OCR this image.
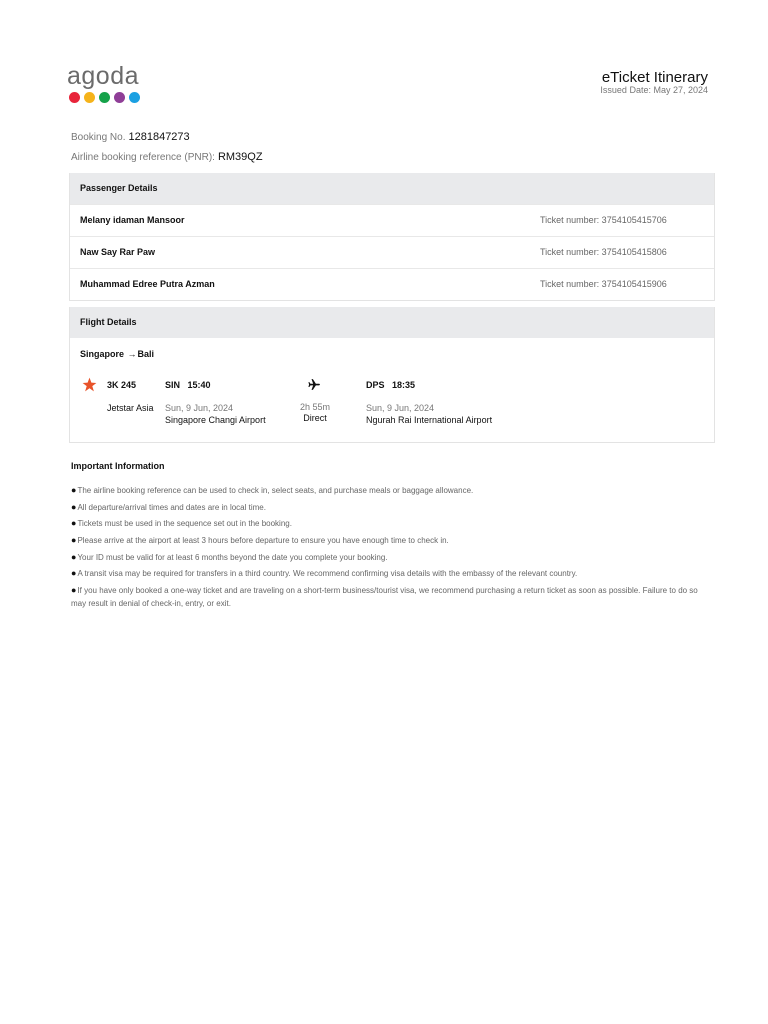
agoda	eTicket Itinerary
Issued Date: May 27, 2024
Booking No. 1281847273
Airline booking reference (PNR): RM39QZ
Passenger Details
Melany idaman Mansoor	Ticket number: 3754105415706
Naw Say Rar Paw	Ticket number: 3754105415806
Muhammad Edree Putra Azman	Ticket number: 3754105415906
Flight Details
Singapore →Bali
3K 245
Jetstar Asia
SIN   15:40
Sun, 9 Jun, 2024
Singapore Changi Airport
2h 55m
Direct
DPS   18:35
Sun, 9 Jun, 2024
Ngurah Rai International Airport
Important Information
●The airline booking reference can be used to check in, select seats, and purchase meals or baggage allowance.
●All departure/arrival times and dates are in local time.
●Tickets must be used in the sequence set out in the booking.
●Please arrive at the airport at least 3 hours before departure to ensure you have enough time to check in.
●Your ID must be valid for at least 6 months beyond the date you complete your booking.
●A transit visa may be required for transfers in a third country. We recommend confirming visa details with the embassy of the relevant country.
●If you have only booked a one-way ticket and are traveling on a short-term business/tourist visa, we recommend purchasing a return ticket as soon as possible. Failure to do so may result in denial of check-in, entry, or exit.
